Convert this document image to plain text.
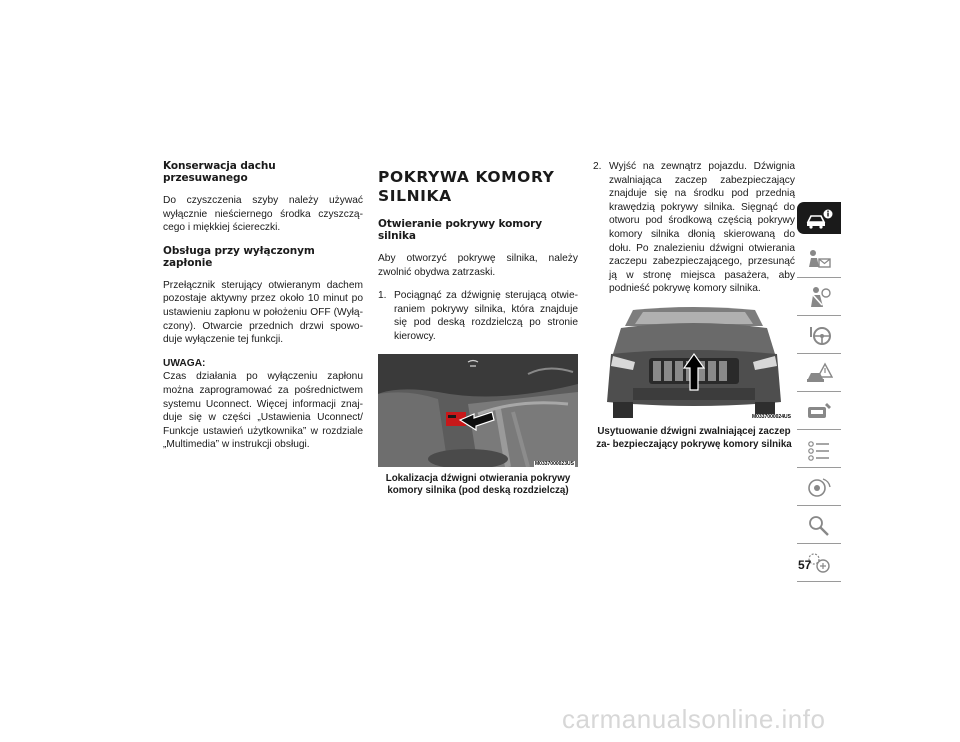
Konserwacja dachu przesuwanego

Do czyszczenia szyby należy używać wyłącznie nieściernego środka czyszczą- cego i miękkiej ściereczki.

Obsługa przy wyłączonym zapłonie

Przełącznik sterujący otwieranym dachem pozostaje aktywny przez około 10 minut po ustawieniu zapłonu w położeniu OFF (Wyłą- czony). Otwarcie przednich drzwi spowo- duje wyłączenie tej funkcji.

UWAGA:

Czas działania po wyłączeniu zapłonu można zaprogramować za pośrednictwem systemu Uconnect. Więcej informacji znaj- duje się w części „Ustawienia Uconnect/ Funkcje ustawień użytkownika” w rozdziale „Multimedia” w instrukcji obsługi.

POKRYWA KOMORY SILNIKA
Otwieranie pokrywy komory silnika

Aby otworzyć pokrywę silnika, należy zwolnić obydwa zatrzaski.

1. Pociągnąć za dźwignię sterującą otwie- raniem pokrywy silnika, która znajduje się pod deską rozdzielczą po stronie kierowcy.
M0337000023US
Lokalizacja dźwigni otwierania pokrywy komory silnika (pod deską rozdzielczą)
2. Wyjść na zewnątrz pojazdu. Dźwignia zwalniająca zaczep zabezpieczający znajduje się na środku pod przednią krawędzią pokrywy silnika. Sięgnąć do otworu pod środkową częścią pokrywy komory silnika dłonią skierowaną do dołu. Po znalezieniu dźwigni otwierania zaczepu zabezpieczającego, przesunąć ją w stronę miejsca pasażera, aby podnieść pokrywę komory silnika.
M0337000024US
Usytuowanie dźwigni zwalniającej zaczep za- bezpieczający pokrywę komory silnika
57
carmanualsonline.info
